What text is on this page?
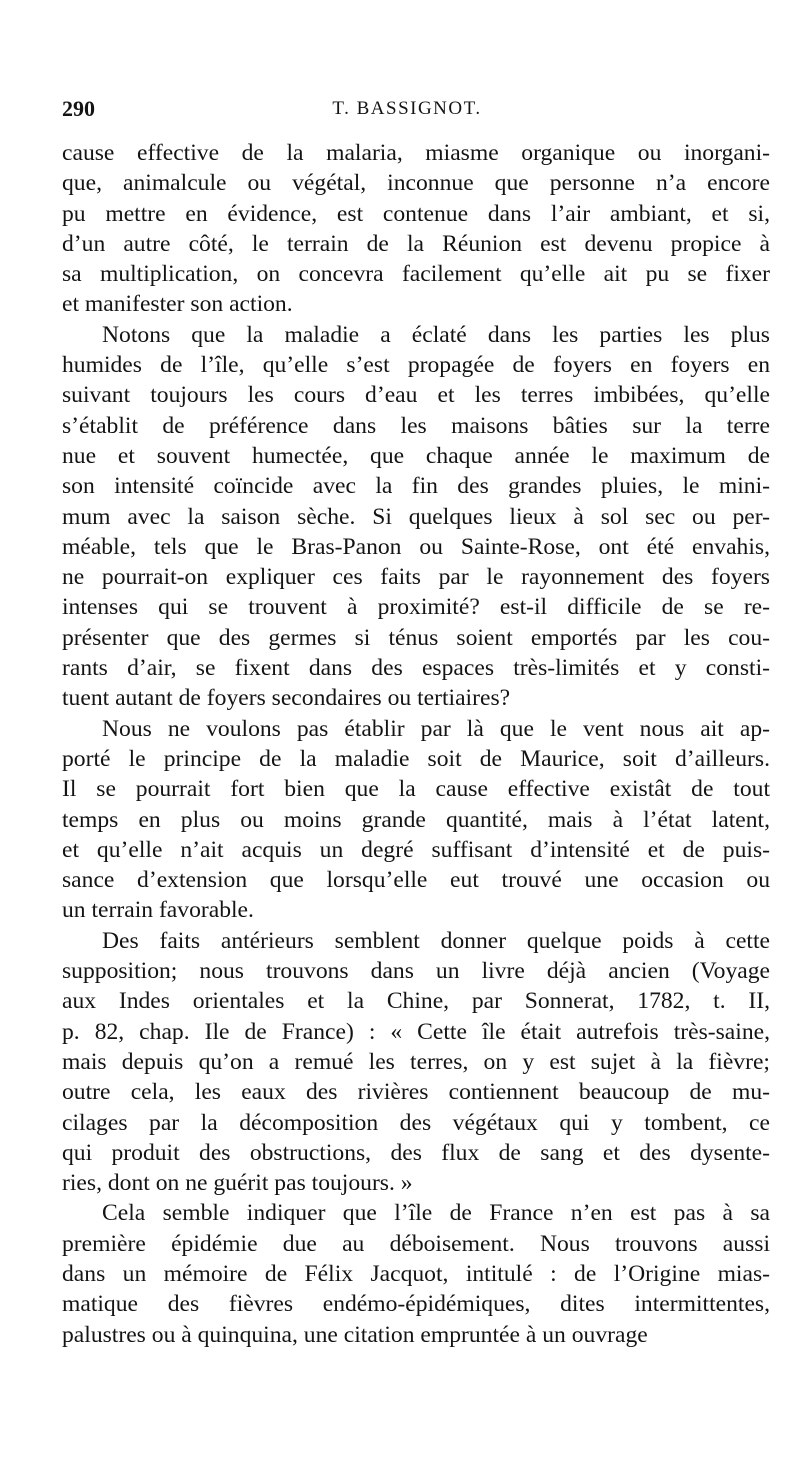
290	T. BASSIGNOT.
cause effective de la malaria, miasme organique ou inorgani-
que, animalcule ou végétal, inconnue que personne n’a encore
pu mettre en évidence, est contenue dans l’air ambiant, et si,
d’un autre côté, le terrain de la Réunion est devenu propice à
sa multiplication, on concevra facilement qu’elle ait pu se fixer
et manifester son action.
Notons que la maladie a éclaté dans les parties les plus
humides de l’île, qu’elle s’est propagée de foyers en foyers en
suivant toujours les cours d’eau et les terres imbibées, qu’elle
s’établit de préférence dans les maisons bâties sur la terre
nue et souvent humectée, que chaque année le maximum de
son intensité coïncide avec la fin des grandes pluies, le mini-
mum avec la saison sèche. Si quelques lieux à sol sec ou per-
méable, tels que le Bras-Panon ou Sainte-Rose, ont été envahis,
ne pourrait-on expliquer ces faits par le rayonnement des foyers
intenses qui se trouvent à proximité? est-il difficile de se re-
présenter que des germes si ténus soient emportés par les cou-
rants d’air, se fixent dans des espaces très-limités et y consti-
tuent autant de foyers secondaires ou tertiaires?
Nous ne voulons pas établir par là que le vent nous ait ap-
porté le principe de la maladie soit de Maurice, soit d’ailleurs.
Il se pourrait fort bien que la cause effective existât de tout
temps en plus ou moins grande quantité, mais à l’état latent,
et qu’elle n’ait acquis un degré suffisant d’intensité et de puis-
sance d’extension que lorsqu’elle eut trouvé une occasion ou
un terrain favorable.
Des faits antérieurs semblent donner quelque poids à cette
supposition; nous trouvons dans un livre déjà ancien (Voyage
aux Indes orientales et la Chine, par Sonnerat, 1782, t. II,
p. 82, chap. Ile de France) : « Cette île était autrefois très-saine,
mais depuis qu’on a remué les terres, on y est sujet à la fièvre;
outre cela, les eaux des rivières contiennent beaucoup de mu-
cilages par la décomposition des végétaux qui y tombent, ce
qui produit des obstructions, des flux de sang et des dysente-
ries, dont on ne guérit pas toujours. »
Cela semble indiquer que l’île de France n’en est pas à sa
première épidémie due au déboisement. Nous trouvons aussi
dans un mémoire de Félix Jacquot, intitulé : de l’Origine mias-
matique des fièvres endémo-épidémiques, dites intermittentes,
palustres ou à quinquina, une citation empruntée à un ouvrage
